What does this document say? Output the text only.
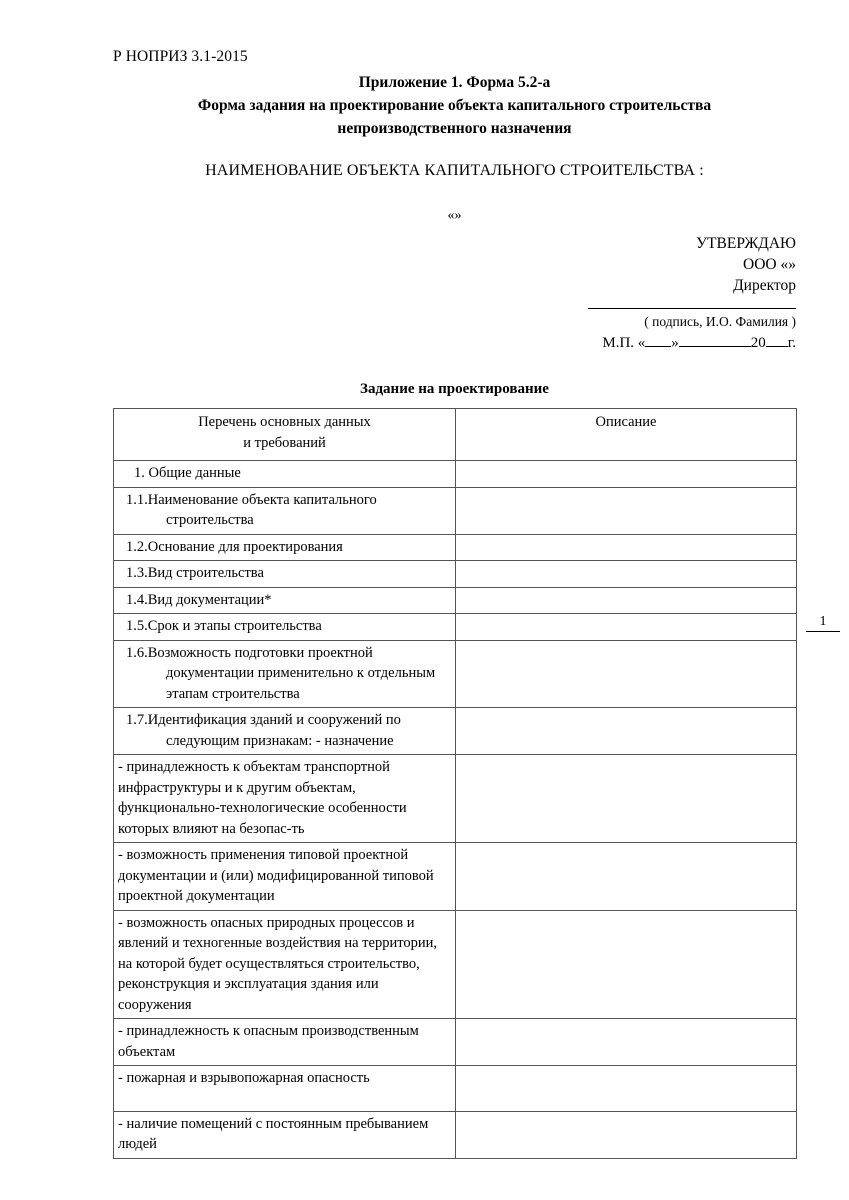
Р НОПРИЗ 3.1-2015
Приложение 1. Форма 5.2-а
Форма задания на проектирование объекта капитального строительства
непроизводственного назначения
НАИМЕНОВАНИЕ ОБЪЕКТА КАПИТАЛЬНОГО СТРОИТЕЛЬСТВА :
«»
УТВЕРЖДАЮ
ООО «»
Директор
( подпись, И.О. Фамилия )
М.П. « »	20 г.
Задание на проектирование
Перечень основных данных
и требований	Описание

1. Общие данные	

1.1.Наименование объекта капитального строительства	

1.2.Основание для проектирования	

1.3.Вид строительства	

1.4.Вид документации*	

1.5.Срок и этапы строительства	

1.6.Возможность подготовки проектной документации применительно к отдельным этапам строительства	

1.7.Идентификация зданий и сооружений по следующим признакам: - назначение	

- принадлежность к объектам транспортной инфраструктуры и к другим объектам, функционально-технологические особенности которых влияют на безопас-ть	

- возможность применения типовой проектной документации и (или) модифицированной типовой проектной документации	

- возможность опасных природных процессов и явлений и техногенные воздействия на территории, на которой будет осуществляться строительство, реконструкция и эксплуатация здания или сооружения	

- принадлежность к опасным производственным объектам	

- пожарная и взрывопожарная опасность	

- наличие помещений с постоянным пребыванием людей	

1
